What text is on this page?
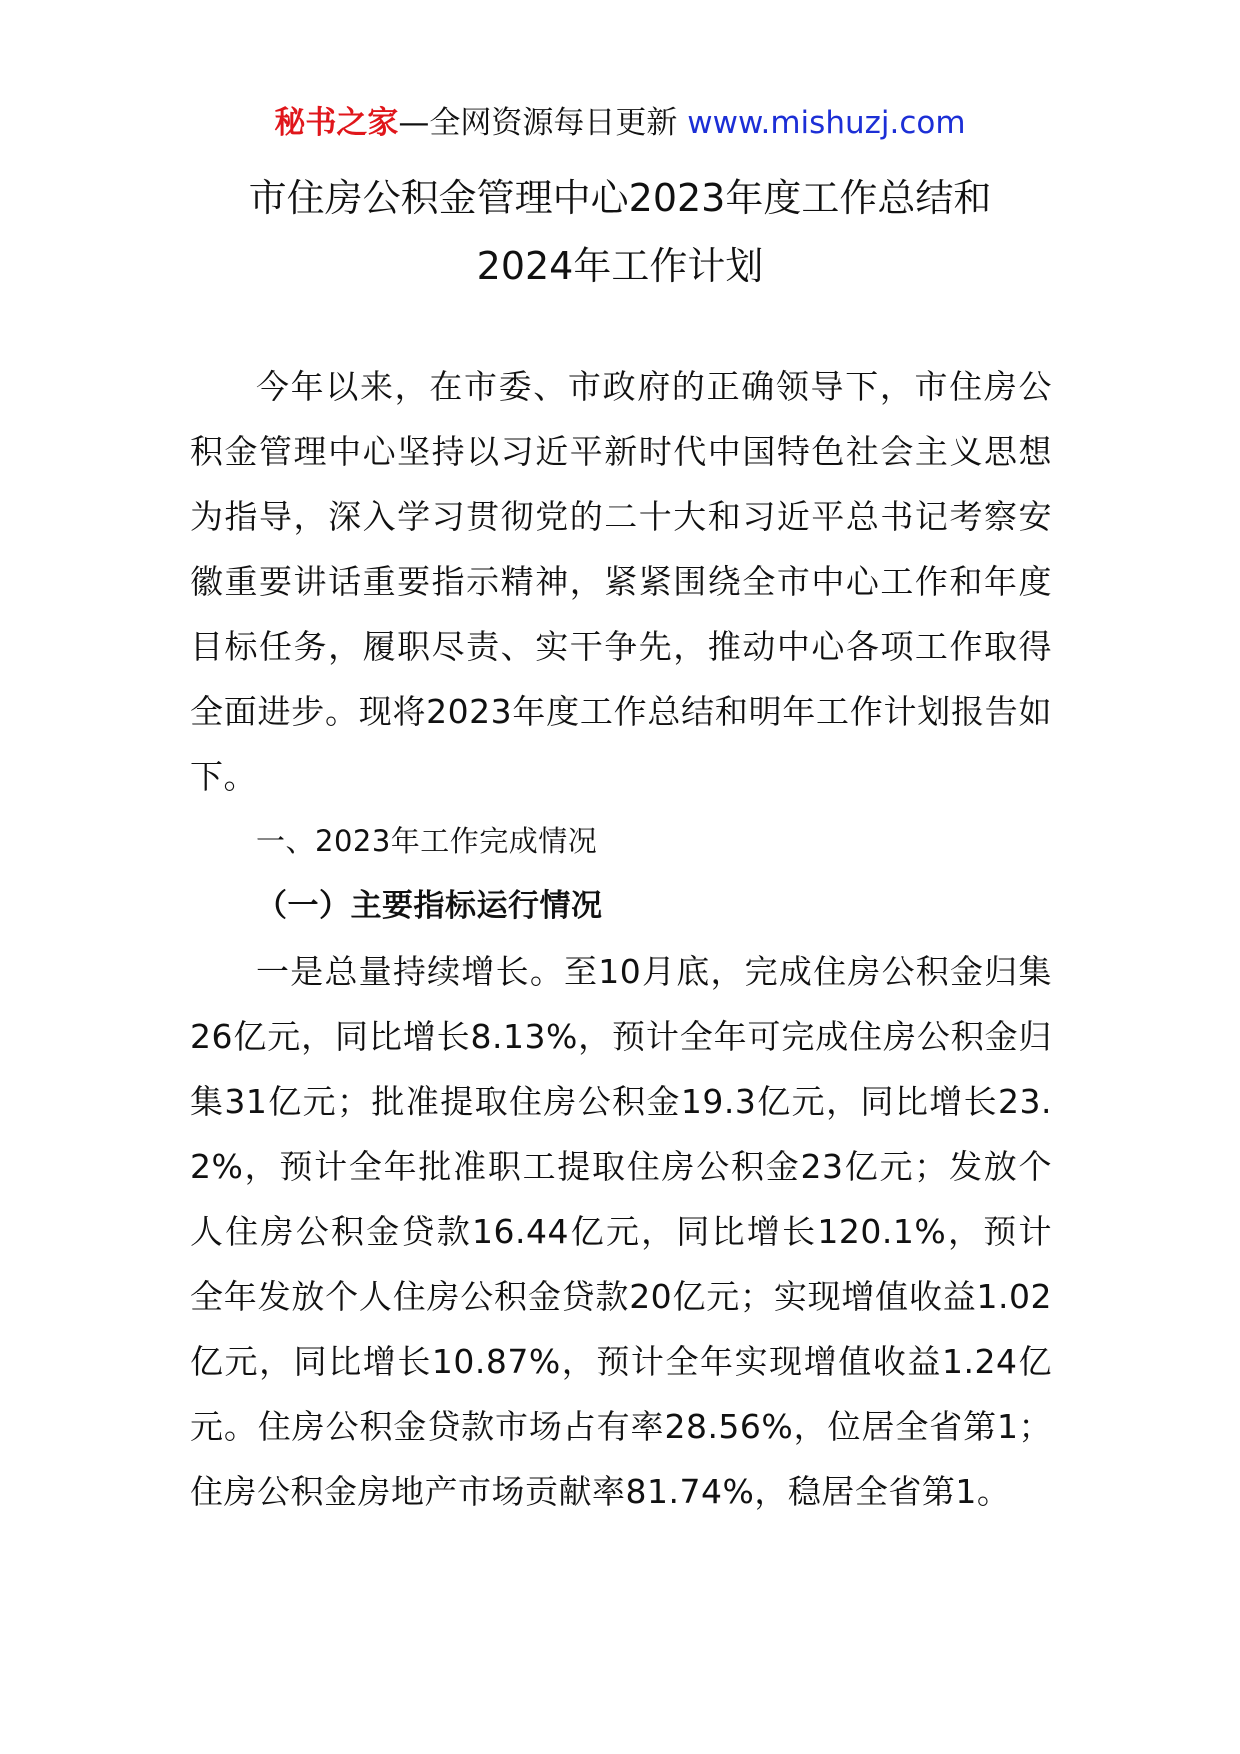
秘书之家—全网资源每日更新 www.mishuzj.com
市住房公积金管理中心2023年度工作总结和
2024年工作计划

今年以来，在市委、市政府的正确领导下，市住房公积金管理中心坚持以习近平新时代中国特色社会主义思想为指导，深入学习贯彻党的二十大和习近平总书记考察安徽重要讲话重要指示精神，紧紧围绕全市中心工作和年度目标任务，履职尽责、实干争先，推动中心各项工作取得全面进步。现将2023年度工作总结和明年工作计划报告如下。

一、2023年工作完成情况

（一）主要指标运行情况

一是总量持续增长。至10月底，完成住房公积金归集26亿元，同比增长8.13%，预计全年可完成住房公积金归集31亿元；批准提取住房公积金19.3亿元，同比增长23.2%，预计全年批准职工提取住房公积金23亿元；发放个人住房公积金贷款16.44亿元，同比增长120.1%，预计全年发放个人住房公积金贷款20亿元；实现增值收益1.02亿元，同比增长10.87%，预计全年实现增值收益1.24亿元。住房公积金贷款市场占有率28.56%，位居全省第1；住房公积金房地产市场贡献率81.74%，稳居全省第1。
